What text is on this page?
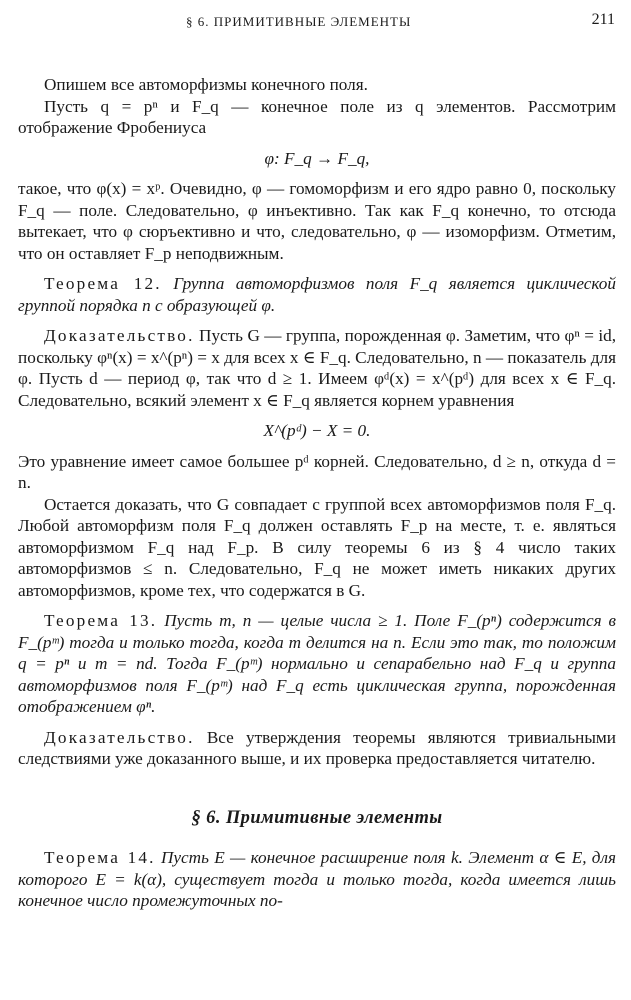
§ 6. ПРИМИТИВНЫЕ ЭЛЕМЕНТЫ	211

Опишем все автоморфизмы конечного поля.

Пусть q = pⁿ и F_q — конечное поле из q элементов. Рассмотрим отображение Фробениуса

φ: F_q → F_q,

такое, что φ(x) = xᵖ. Очевидно, φ — гомоморфизм и его ядро равно 0, поскольку F_q — поле. Следовательно, φ инъективно. Так как F_q конечно, то отсюда вытекает, что φ сюръективно и что, следовательно, φ — изоморфизм. Отметим, что он оставляет F_p неподвижным.

Теорема 12. Группа автоморфизмов поля F_q является циклической группой порядка n с образующей φ.

Доказательство. Пусть G — группа, порожденная φ. Заметим, что φⁿ = id, поскольку φⁿ(x) = x^(pⁿ) = x для всех x ∈ F_q. Следовательно, n — показатель для φ. Пусть d — период φ, так что d ≥ 1. Имеем φᵈ(x) = x^(pᵈ) для всех x ∈ F_q. Следовательно, всякий элемент x ∈ F_q является корнем уравнения

X^(pᵈ) − X = 0.

Это уравнение имеет самое большее pᵈ корней. Следовательно, d ≥ n, откуда d = n.

Остается доказать, что G совпадает с группой всех автоморфизмов поля F_q. Любой автоморфизм поля F_q должен оставлять F_p на месте, т. е. являться автоморфизмом F_q над F_p. В силу теоремы 6 из § 4 число таких автоморфизмов ≤ n. Следовательно, F_q не может иметь никаких других автоморфизмов, кроме тех, что содержатся в G.

Теорема 13. Пусть m, n — целые числа ≥ 1. Поле F_(pⁿ) содержится в F_(pᵐ) тогда и только тогда, когда m делится на n. Если это так, то положим q = pⁿ и m = nd. Тогда F_(pᵐ) нормально и сепарабельно над F_q и группа автоморфизмов поля F_(pᵐ) над F_q есть циклическая группа, порожденная отображением φⁿ.

Доказательство. Все утверждения теоремы являются тривиальными следствиями уже доказанного выше, и их проверка предоставляется читателю.

§ 6. Примитивные элементы

Теорема 14. Пусть E — конечное расширение поля k. Элемент α ∈ E, для которого E = k(α), существует тогда и только тогда, когда имеется лишь конечное число промежуточных по-
